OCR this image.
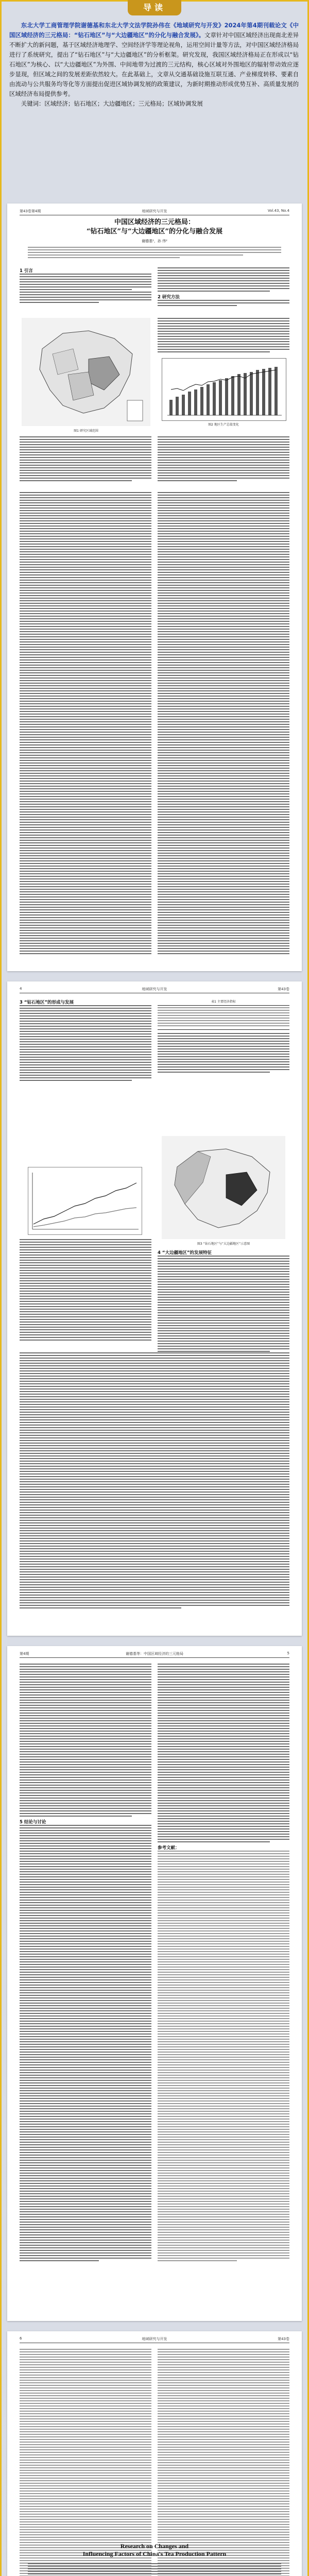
导读

东北大学工商管理学院谢德基和东北大学文法学院孙伟在《地域研究与开发》2024年第4期刊载论文《中国区域经济的三元格局：“钻石地区”与“大边疆地区”的分化与融合发展》。文章针对中国区域经济出现南北差异不断扩大的新问题，基于区域经济地理学、空间经济学等理论视角，运用空间计量等方法，对中国区域经济格局进行了系统研究，提出了“钻石地区”与“大边疆地区”的分析框架。研究发现，我国区域经济格局正在形成以“钻石地区”为核心、以“大边疆地区”为外围、中间地带为过渡的三元结构，核心区域对外围地区的辐射带动效应逐步显现，但区域之间的发展差距依然较大。在此基础上，文章从交通基础设施互联互通、产业梯度转移、要素自由流动与公共服务均等化等方面提出促进区域协调发展的政策建议，为新时期推动形成优势互补、高质量发展的区域经济布局提供参考。

关键词：区域经济；钻石地区；大边疆地区；三元格局；区域协调发展

第43卷第4期	地域研究与开发	Vol.43, No.4
中国区域经济的三元格局：
“钻石地区”与“大边疆地区”的分化与融合发展
谢德基¹，孙 伟²
1 引言
2 研究方法
图1 研究区域范围
图2 地区生产总值变化
4	地域研究与开发	第43卷
3 “钻石地区”的形成与发展	表1 主要经济指标
图3 “钻石地区”与“大边疆地区”示意图
4 “大边疆地区”的发展特征
第4期	谢德基等：中国区域经济的三元格局	5
5 结论与讨论
参考文献：
6	地域研究与开发	第43卷
Research on Changes and
Influencing Factors of China's Tea Production Pattern
